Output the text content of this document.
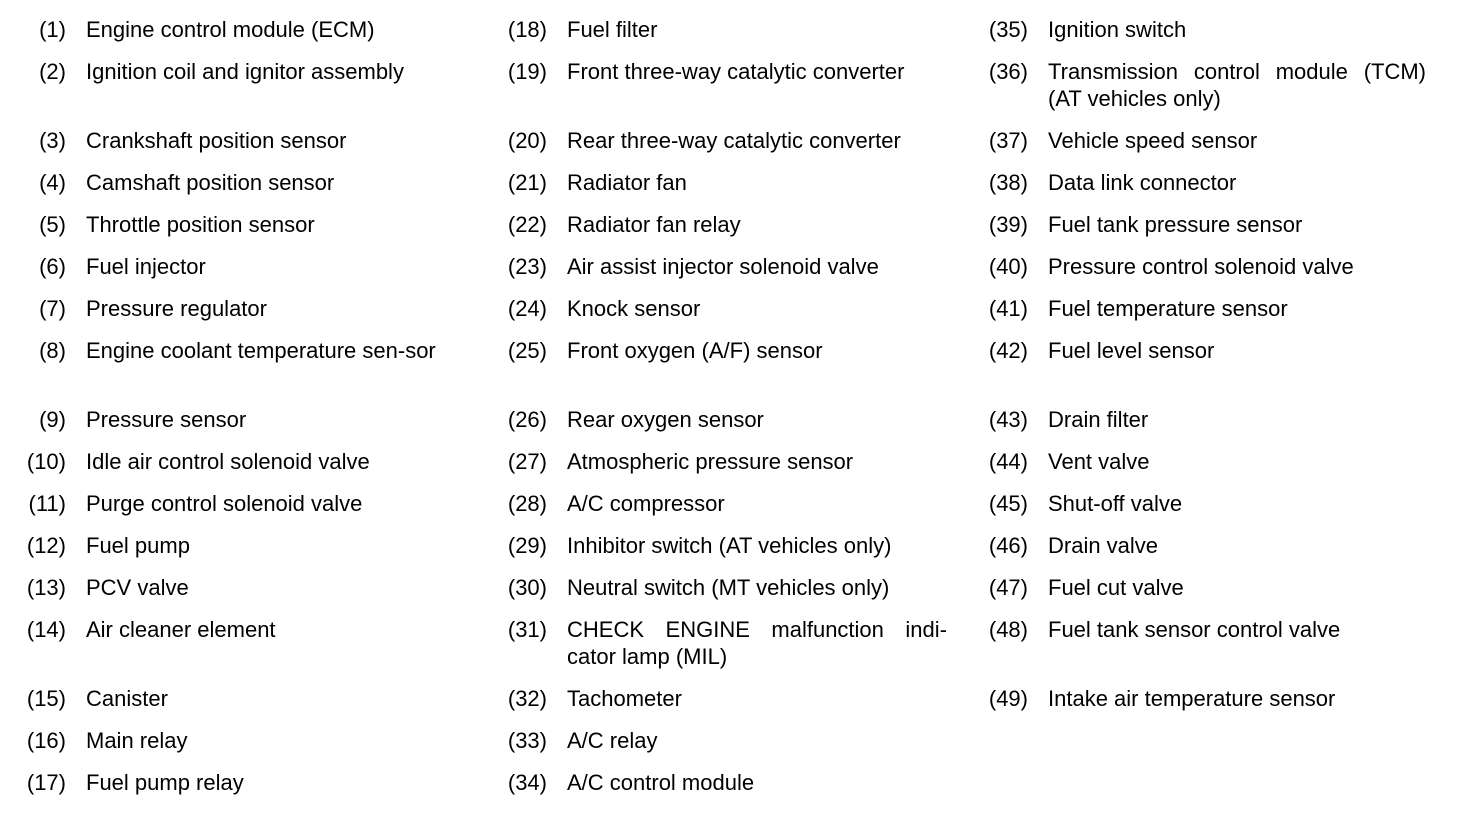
(1) Engine control module (ECM)
(2) Ignition coil and ignitor assembly
(3) Crankshaft position sensor
(4) Camshaft position sensor
(5) Throttle position sensor
(6) Fuel injector
(7) Pressure regulator
(8) Engine coolant temperature sen-sor
(9) Pressure sensor
(10) Idle air control solenoid valve
(11) Purge control solenoid valve
(12) Fuel pump
(13) PCV valve
(14) Air cleaner element
(15) Canister
(16) Main relay
(17) Fuel pump relay
(18) Fuel filter
(19) Front three-way catalytic converter
(20) Rear three-way catalytic converter
(21) Radiator fan
(22) Radiator fan relay
(23) Air assist injector solenoid valve
(24) Knock sensor
(25) Front oxygen (A/F) sensor
(26) Rear oxygen sensor
(27) Atmospheric pressure sensor
(28) A/C compressor
(29) Inhibitor switch (AT vehicles only)
(30) Neutral switch (MT vehicles only)
(31) CHECK ENGINE malfunction indi-cator lamp (MIL)
(32) Tachometer
(33) A/C relay
(34) A/C control module
(35) Ignition switch
(36) Transmission control module (TCM) (AT vehicles only)
(37) Vehicle speed sensor
(38) Data link connector
(39) Fuel tank pressure sensor
(40) Pressure control solenoid valve
(41) Fuel temperature sensor
(42) Fuel level sensor
(43) Drain filter
(44) Vent valve
(45) Shut-off valve
(46) Drain valve
(47) Fuel cut valve
(48) Fuel tank sensor control valve
(49) Intake air temperature sensor
